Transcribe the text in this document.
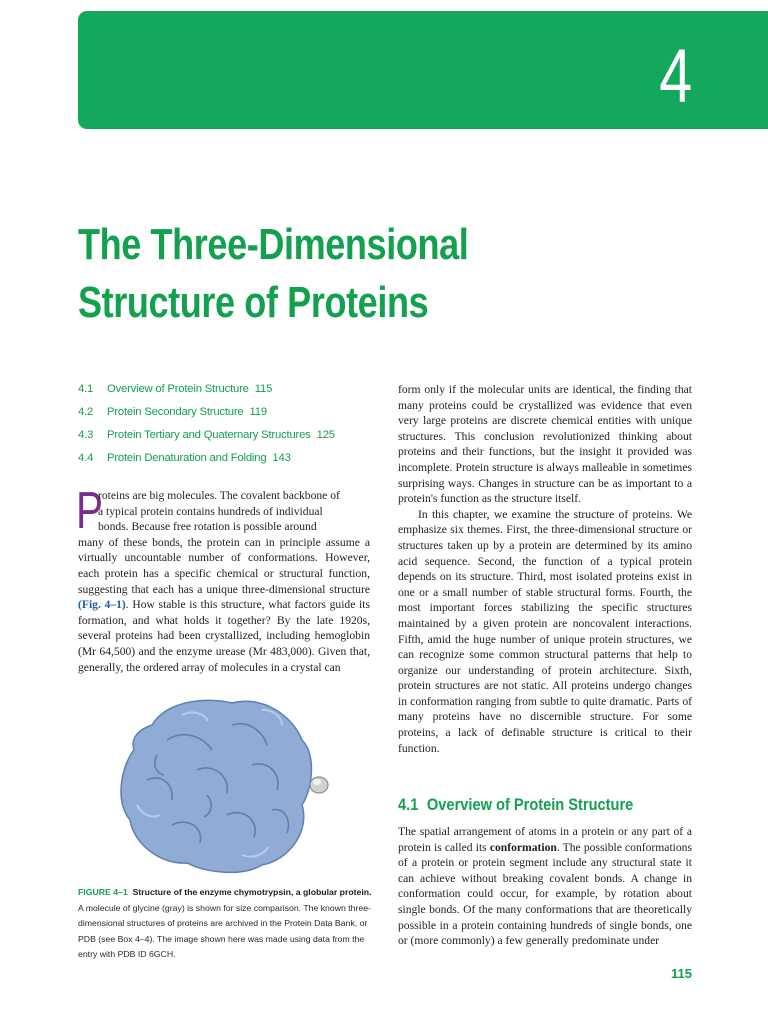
4
The Three-Dimensional
Structure of Proteins
4.1 Overview of Protein Structure 115
4.2 Protein Secondary Structure 119
4.3 Protein Tertiary and Quaternary Structures 125
4.4 Protein Denaturation and Folding 143
P
roteins are big molecules. The covalent backbone of
a typical protein contains hundreds of individual
bonds. Because free rotation is possible around

many of these bonds, the protein can in principle assume a virtually uncountable number of conformations. However, each protein has a specific chemical or structural function, suggesting that each has a unique three-dimensional structure (Fig. 4–1). How stable is this structure, what factors guide its formation, and what holds it together? By the late 1920s, several proteins had been crystallized, including hemoglobin (Mr 64,500) and the enzyme urease (Mr 483,000). Given that, generally, the ordered array of molecules in a crystal can

FIGURE 4–1 Structure of the enzyme chymotrypsin, a globular protein. A molecule of glycine (gray) is shown for size comparison. The known three-dimensional structures of proteins are archived in the Protein Data Bank, or PDB (see Box 4–4). The image shown here was made using data from the entry with PDB ID 6GCH.

form only if the molecular units are identical, the finding that many proteins could be crystallized was evidence that even very large proteins are discrete chemical entities with unique structures. This conclusion revolutionized thinking about proteins and their functions, but the insight it provided was incomplete. Protein structure is always malleable in sometimes surprising ways. Changes in structure can be as important to a protein's function as the structure itself.

In this chapter, we examine the structure of proteins. We emphasize six themes. First, the three-dimensional structure or structures taken up by a protein are determined by its amino acid sequence. Second, the function of a typical protein depends on its structure. Third, most isolated proteins exist in one or a small number of stable structural forms. Fourth, the most important forces stabilizing the specific structures maintained by a given protein are noncovalent interactions. Fifth, amid the huge number of unique protein structures, we can recognize some common structural patterns that help to organize our understanding of protein architecture. Sixth, protein structures are not static. All proteins undergo changes in conformation ranging from subtle to quite dramatic. Parts of many proteins have no discernible structure. For some proteins, a lack of definable structure is critical to their function.

4.1 Overview of Protein Structure

The spatial arrangement of atoms in a protein or any part of a protein is called its conformation. The possible conformations of a protein or protein segment include any structural state it can achieve without breaking covalent bonds. A change in conformation could occur, for example, by rotation about single bonds. Of the many conformations that are theoretically possible in a protein containing hundreds of single bonds, one or (more commonly) a few generally predominate under

115
